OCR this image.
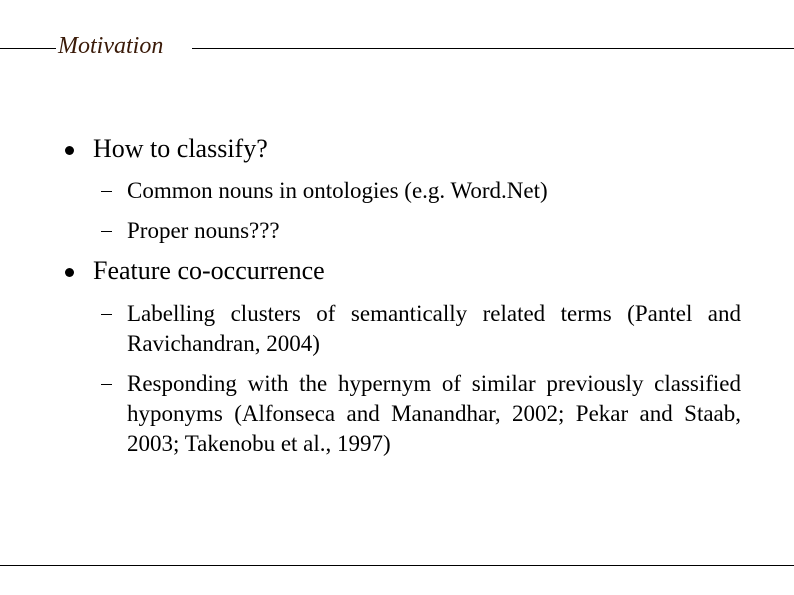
Motivation
How to classify?
Common nouns in ontologies (e.g. Word.Net)
Proper nouns???
Feature co-occurrence
Labelling clusters of semantically related terms (Pantel and Ravichandran, 2004)
Responding with the hypernym of similar previously classified hyponyms (Alfonseca and Manandhar, 2002; Pekar and Staab, 2003; Takenobu et al., 1997)
